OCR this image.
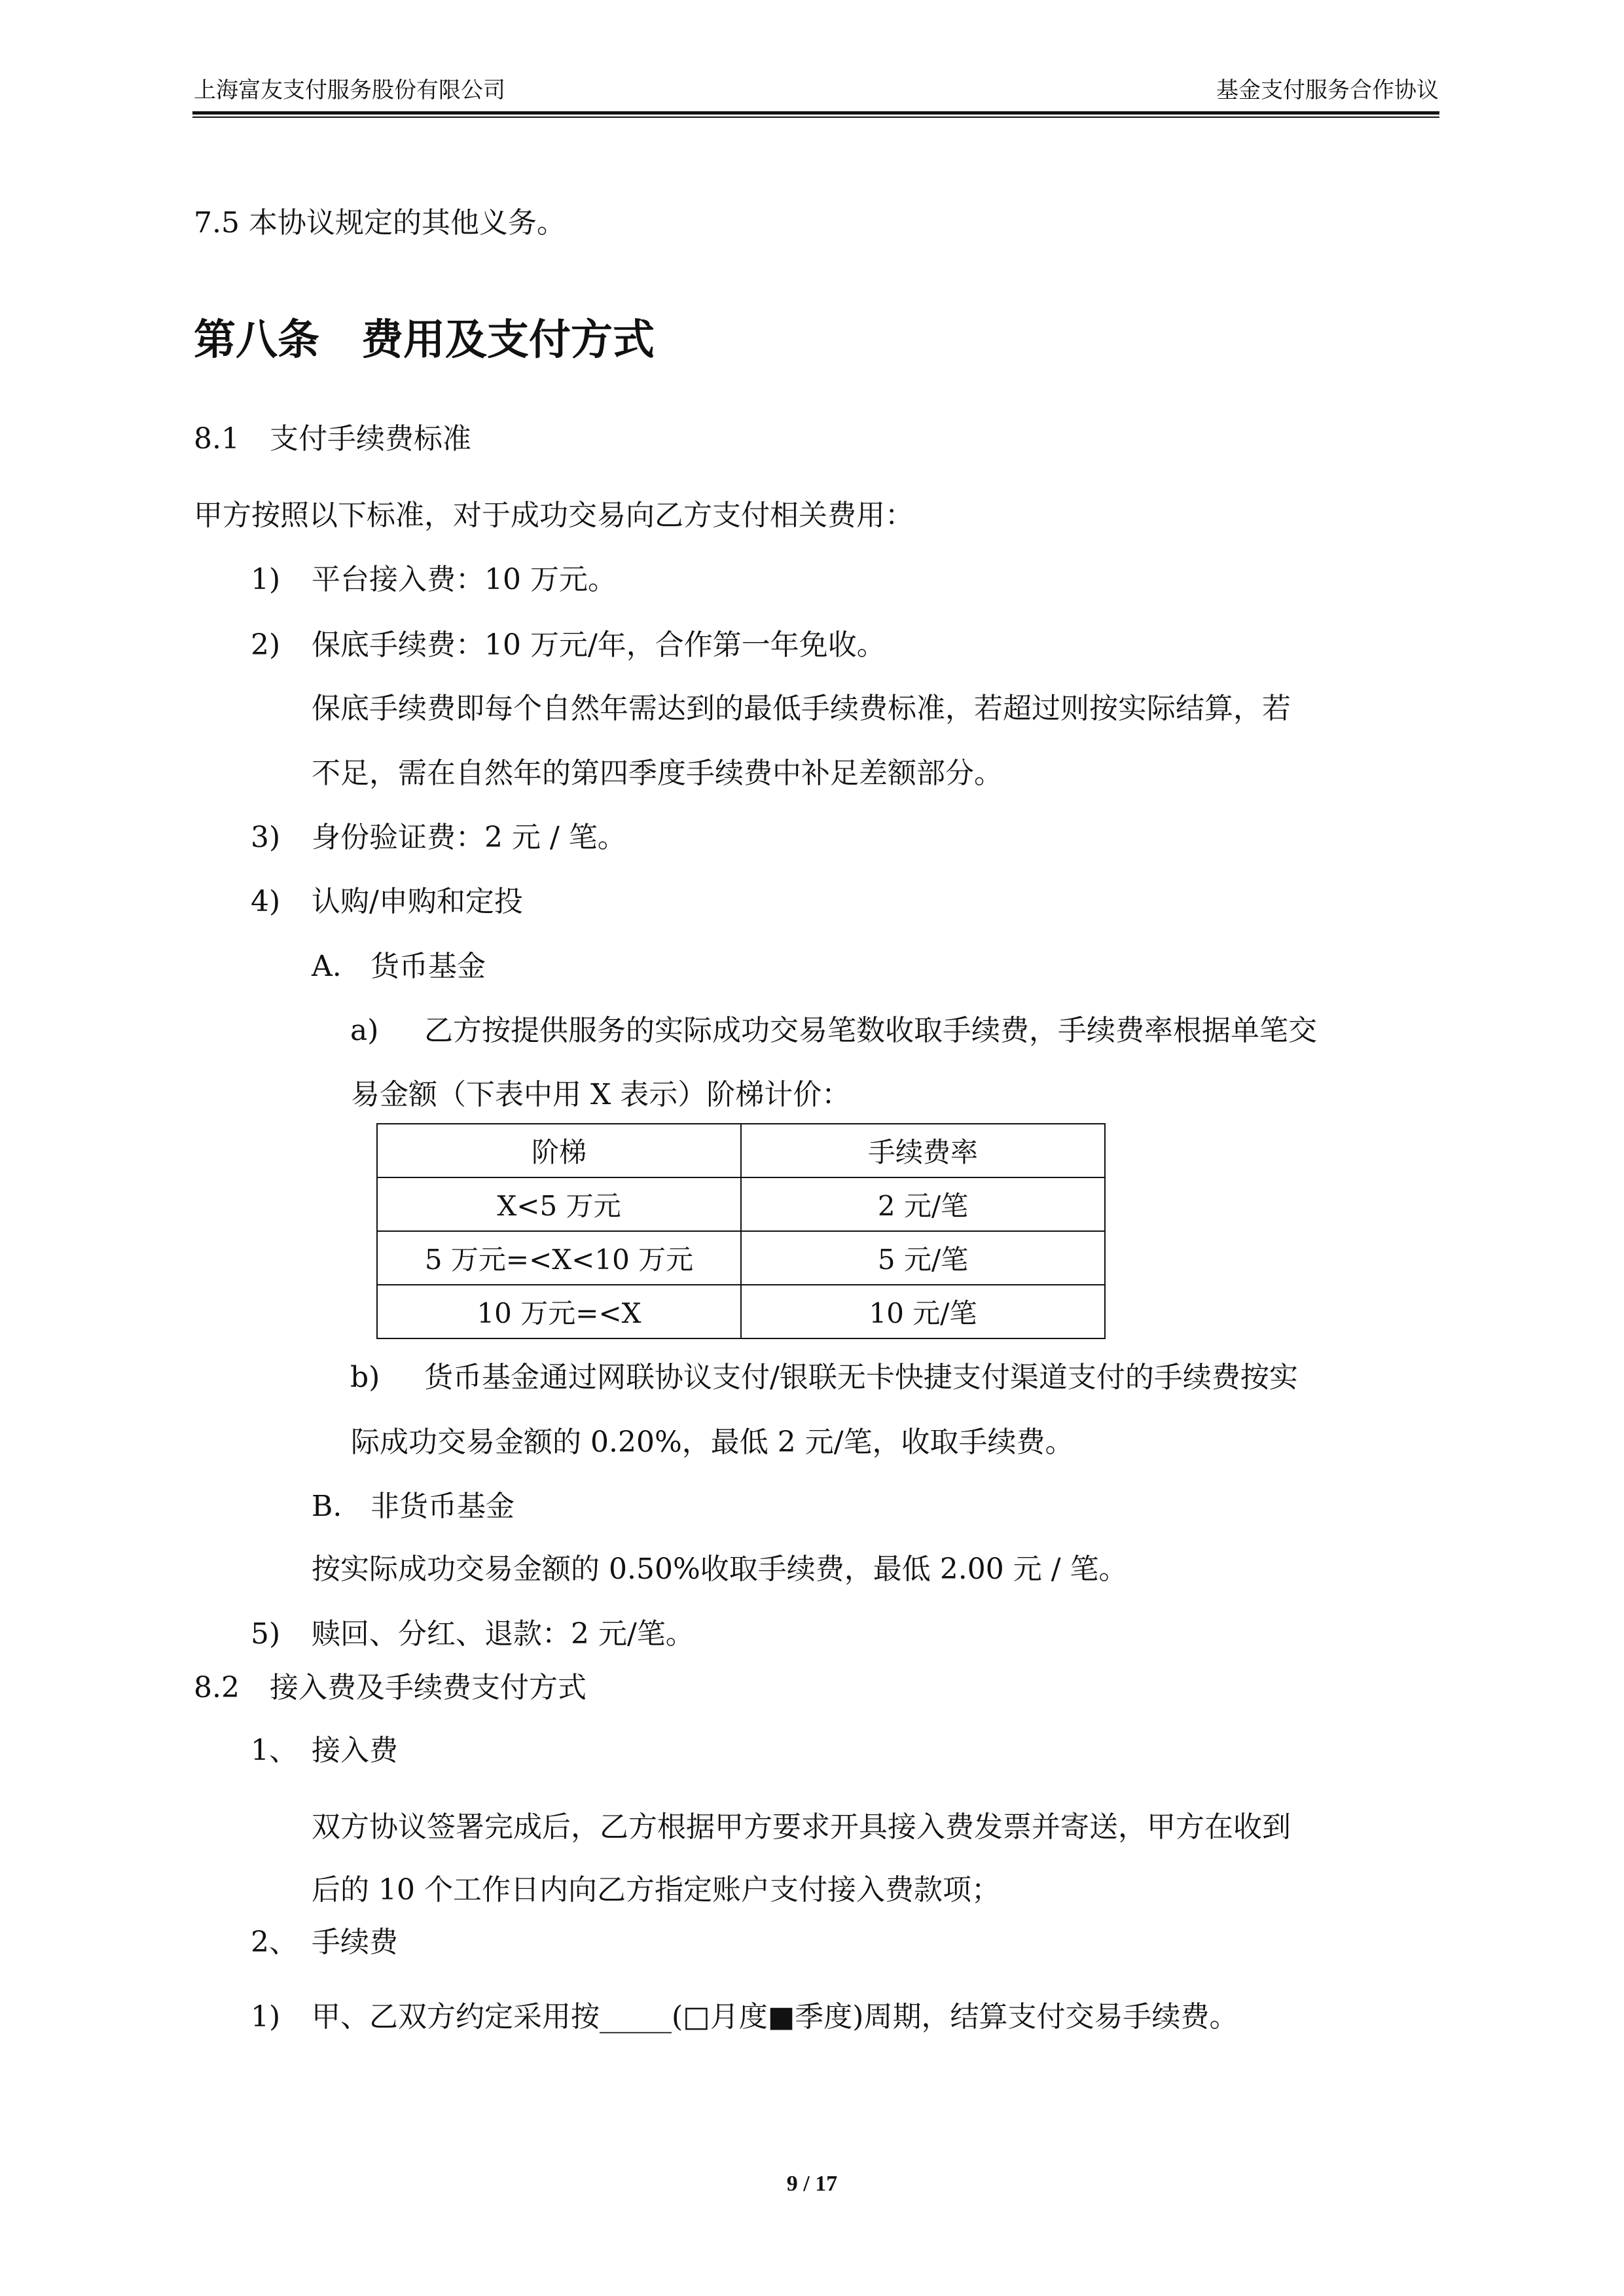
上海富友支付服务股份有限公司	基金支付服务合作协议
7.5 本协议规定的其他义务。
第八条　费用及支付方式
8.1 支付手续费标准
甲方按照以下标准，对于成功交易向乙方支付相关费用：
1) 平台接入费：10 万元。
2) 保底手续费：10 万元/年，合作第一年免收。
保底手续费即每个自然年需达到的最低手续费标准，若超过则按实际结算，若
不足，需在自然年的第四季度手续费中补足差额部分。
3) 身份验证费：2 元 / 笔。
4) 认购/申购和定投
A. 货币基金
a) 乙方按提供服务的实际成功交易笔数收取手续费，手续费率根据单笔交
易金额（下表中用 X 表示）阶梯计价：
阶梯	手续费率
X<5 万元	2 元/笔
5 万元=<X<10 万元	5 元/笔
10 万元=<X	10 元/笔
b) 货币基金通过网联协议支付/银联无卡快捷支付渠道支付的手续费按实
际成功交易金额的 0.20%，最低 2 元/笔，收取手续费。
B. 非货币基金
按实际成功交易金额的 0.50%收取手续费，最低 2.00 元 / 笔。
5) 赎回、分红、退款：2 元/笔。
8.2 接入费及手续费支付方式
1、 接入费
双方协议签署完成后，乙方根据甲方要求开具接入费发票并寄送，甲方在收到
后的 10 个工作日内向乙方指定账户支付接入费款项；
2、 手续费
1) 甲、乙双方约定采用按_____(□月度■季度)周期，结算支付交易手续费。
9 / 17
